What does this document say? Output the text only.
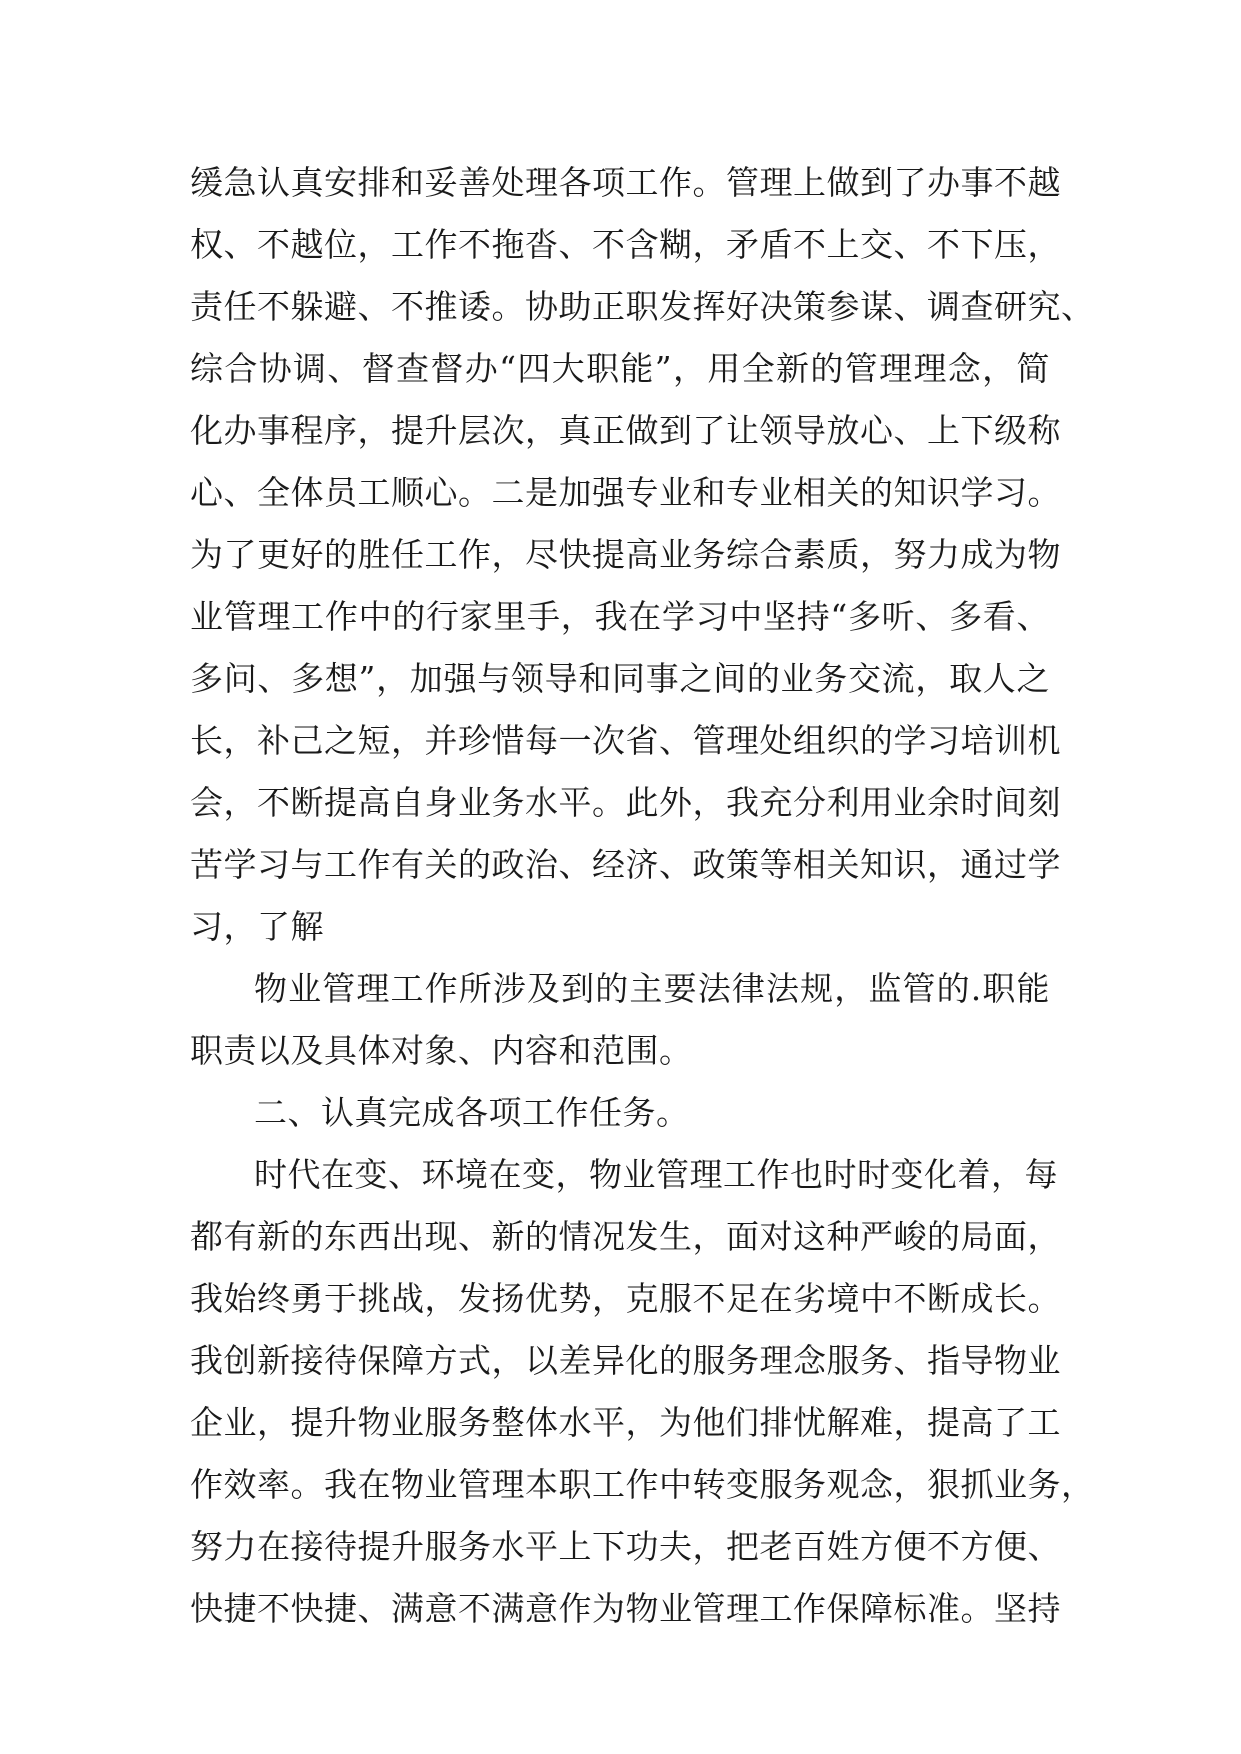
缓急认真安排和妥善处理各项工作。管理上做到了办事不越
权、不越位，工作不拖沓、不含糊，矛盾不上交、不下压，
责任不躲避、不推诿。协助正职发挥好决策参谋、调查研究、
综合协调、督查督办“四大职能”，用全新的管理理念，简
化办事程序，提升层次，真正做到了让领导放心、上下级称
心、全体员工顺心。二是加强专业和专业相关的知识学习。
为了更好的胜任工作，尽快提高业务综合素质，努力成为物
业管理工作中的行家里手，我在学习中坚持“多听、多看、
多问、多想”，加强与领导和同事之间的业务交流，取人之
长，补己之短，并珍惜每一次省、管理处组织的学习培训机
会，不断提高自身业务水平。此外，我充分利用业余时间刻
苦学习与工作有关的政治、经济、政策等相关知识，通过学
习，了解
物业管理工作所涉及到的主要法律法规，监管的.职能
职责以及具体对象、内容和范围。
二、认真完成各项工作任务。
时代在变、环境在变，物业管理工作也时时变化着，每
都有新的东西出现、新的情况发生，面对这种严峻的局面，
我始终勇于挑战，发扬优势，克服不足在劣境中不断成长。
我创新接待保障方式，以差异化的服务理念服务、指导物业
企业，提升物业服务整体水平，为他们排忧解难，提高了工
作效率。我在物业管理本职工作中转变服务观念，狠抓业务，
努力在接待提升服务水平上下功夫，把老百姓方便不方便、
快捷不快捷、满意不满意作为物业管理工作保障标准。坚持
